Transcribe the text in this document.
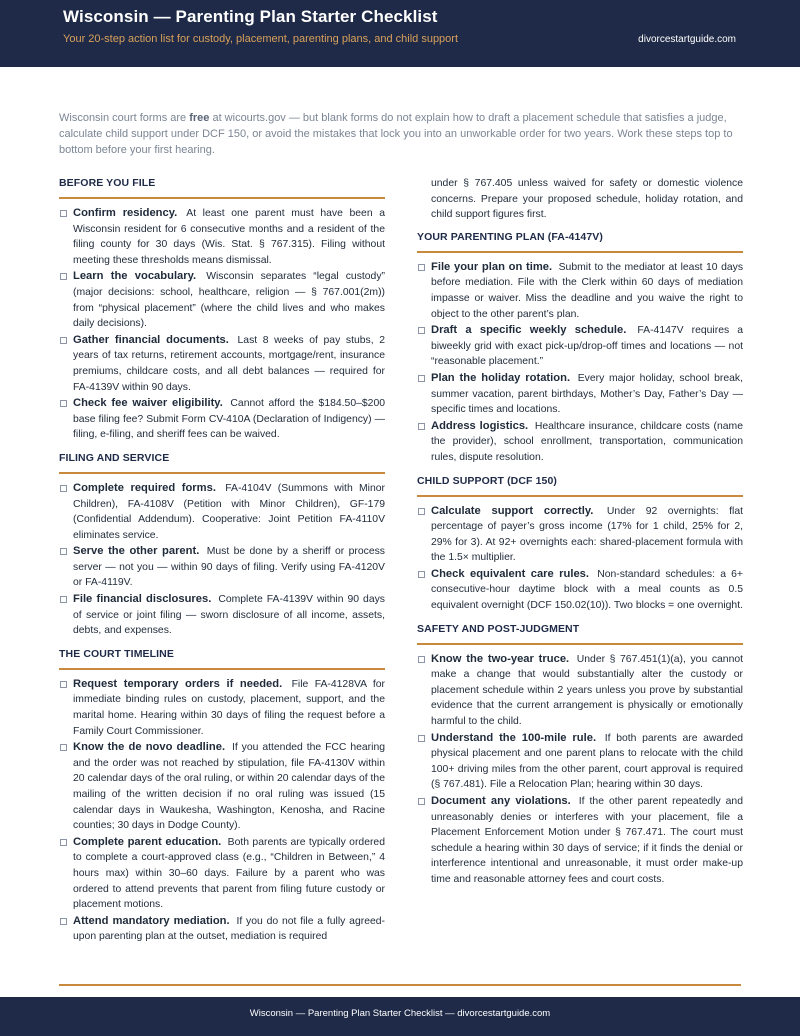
Wisconsin — Parenting Plan Starter Checklist
Your 20-step action list for custody, placement, parenting plans, and child support	divorcestartguide.com
Wisconsin court forms are free at wicourts.gov — but blank forms do not explain how to draft a placement schedule that satisfies a judge, calculate child support under DCF 150, or avoid the mistakes that lock you into an unworkable order for two years. Work these steps top to bottom before your first hearing.
BEFORE YOU FILE
Confirm residency. At least one parent must have been a Wisconsin resident for 6 consecutive months and a resident of the filing county for 30 days (Wis. Stat. § 767.315). Filing without meeting these thresholds means dismissal.
Learn the vocabulary. Wisconsin separates “legal custody” (major decisions: school, healthcare, religion — § 767.001(2m)) from “physical placement” (where the child lives and who makes daily decisions).
Gather financial documents. Last 8 weeks of pay stubs, 2 years of tax returns, retirement accounts, mortgage/rent, insurance premiums, childcare costs, and all debt balances — required for FA-4139V within 90 days.
Check fee waiver eligibility. Cannot afford the $184.50–$200 base filing fee? Submit Form CV-410A (Declaration of Indigency) — filing, e-filing, and sheriff fees can be waived.
FILING AND SERVICE
Complete required forms. FA-4104V (Summons with Minor Children), FA-4108V (Petition with Minor Children), GF-179 (Confidential Addendum). Cooperative: Joint Petition FA-4110V eliminates service.
Serve the other parent. Must be done by a sheriff or process server — not you — within 90 days of filing. Verify using FA-4120V or FA-4119V.
File financial disclosures. Complete FA-4139V within 90 days of service or joint filing — sworn disclosure of all income, assets, debts, and expenses.
THE COURT TIMELINE
Request temporary orders if needed. File FA-4128VA for immediate binding rules on custody, placement, support, and the marital home. Hearing within 30 days of filing the request before a Family Court Commissioner.
Know the de novo deadline. If you attended the FCC hearing and the order was not reached by stipulation, file FA-4130V within 20 calendar days of the oral ruling, or within 20 calendar days of the mailing of the written decision if no oral ruling was issued (15 calendar days in Waukesha, Washington, Kenosha, and Racine counties; 30 days in Dodge County).
Complete parent education. Both parents are typically ordered to complete a court-approved class (e.g., “Children in Between,” 4 hours max) within 30–60 days. Failure by a parent who was ordered to attend prevents that parent from filing future custody or placement motions.
Attend mandatory mediation. If you do not file a fully agreed-upon parenting plan at the outset, mediation is required
under § 767.405 unless waived for safety or domestic violence concerns. Prepare your proposed schedule, holiday rotation, and child support figures first.
YOUR PARENTING PLAN (FA-4147V)
File your plan on time. Submit to the mediator at least 10 days before mediation. File with the Clerk within 60 days of mediation impasse or waiver. Miss the deadline and you waive the right to object to the other parent’s plan.
Draft a specific weekly schedule. FA-4147V requires a biweekly grid with exact pick-up/drop-off times and locations — not “reasonable placement.”
Plan the holiday rotation. Every major holiday, school break, summer vacation, parent birthdays, Mother’s Day, Father’s Day — specific times and locations.
Address logistics. Healthcare insurance, childcare costs (name the provider), school enrollment, transportation, communication rules, dispute resolution.
CHILD SUPPORT (DCF 150)
Calculate support correctly. Under 92 overnights: flat percentage of payer’s gross income (17% for 1 child, 25% for 2, 29% for 3). At 92+ overnights each: shared-placement formula with the 1.5× multiplier.
Check equivalent care rules. Non-standard schedules: a 6+ consecutive-hour daytime block with a meal counts as 0.5 equivalent overnight (DCF 150.02(10)). Two blocks = one overnight.
SAFETY AND POST-JUDGMENT
Know the two-year truce. Under § 767.451(1)(a), you cannot make a change that would substantially alter the custody or placement schedule within 2 years unless you prove by substantial evidence that the current arrangement is physically or emotionally harmful to the child.
Understand the 100-mile rule. If both parents are awarded physical placement and one parent plans to relocate with the child 100+ driving miles from the other parent, court approval is required (§ 767.481). File a Relocation Plan; hearing within 30 days.
Document any violations. If the other parent repeatedly and unreasonably denies or interferes with your placement, file a Placement Enforcement Motion under § 767.471. The court must schedule a hearing within 30 days of service; if it finds the denial or interference intentional and unreasonable, it must order make-up time and reasonable attorney fees and court costs.
Wisconsin — Parenting Plan Starter Checklist — divorcestartguide.com
